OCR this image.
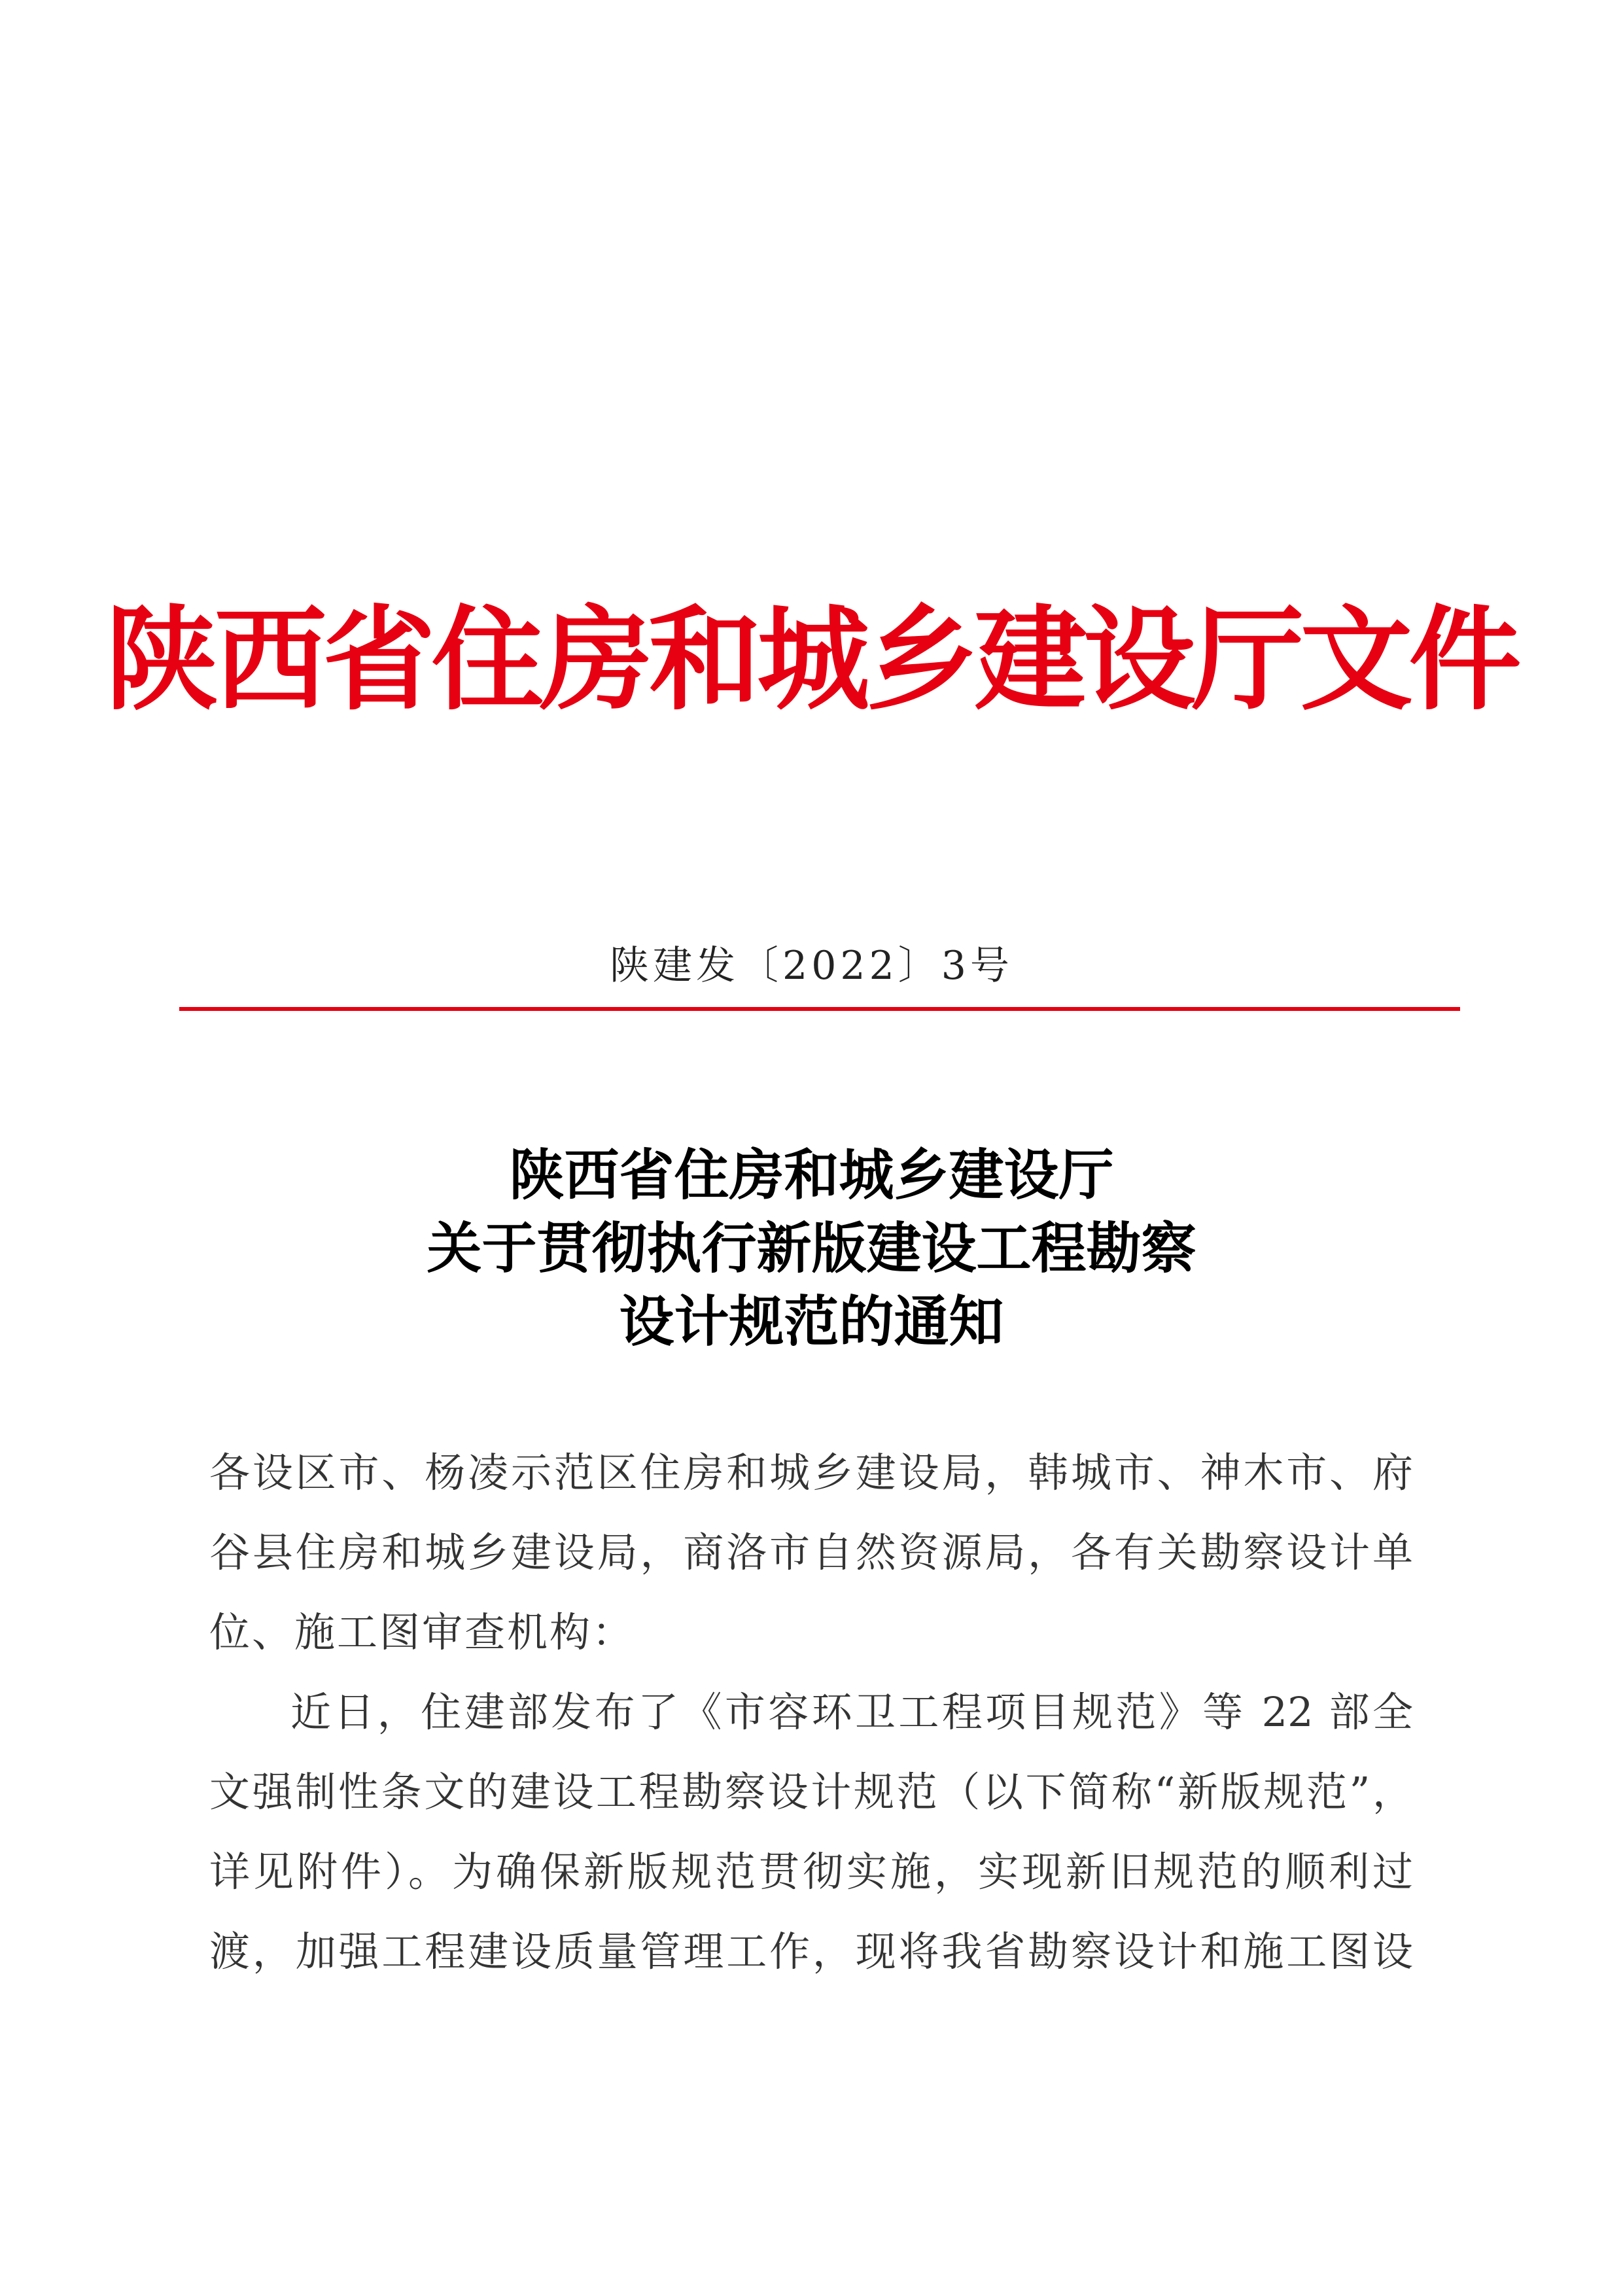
陕西省住房和城乡建设厅文件
陕建发〔2022〕3号
陕西省住房和城乡建设厅
关于贯彻执行新版建设工程勘察
设计规范的通知
各设区市、杨凌示范区住房和城乡建设局，韩城市、神木市、府
谷县住房和城乡建设局，商洛市自然资源局，各有关勘察设计单
位、施工图审查机构：
近日，住建部发布了《市容环卫工程项目规范》等 22 部全
文强制性条文的建设工程勘察设计规范（以下简称“新版规范”，
详见附件）。为确保新版规范贯彻实施，实现新旧规范的顺利过
渡，加强工程建设质量管理工作，现将我省勘察设计和施工图设
